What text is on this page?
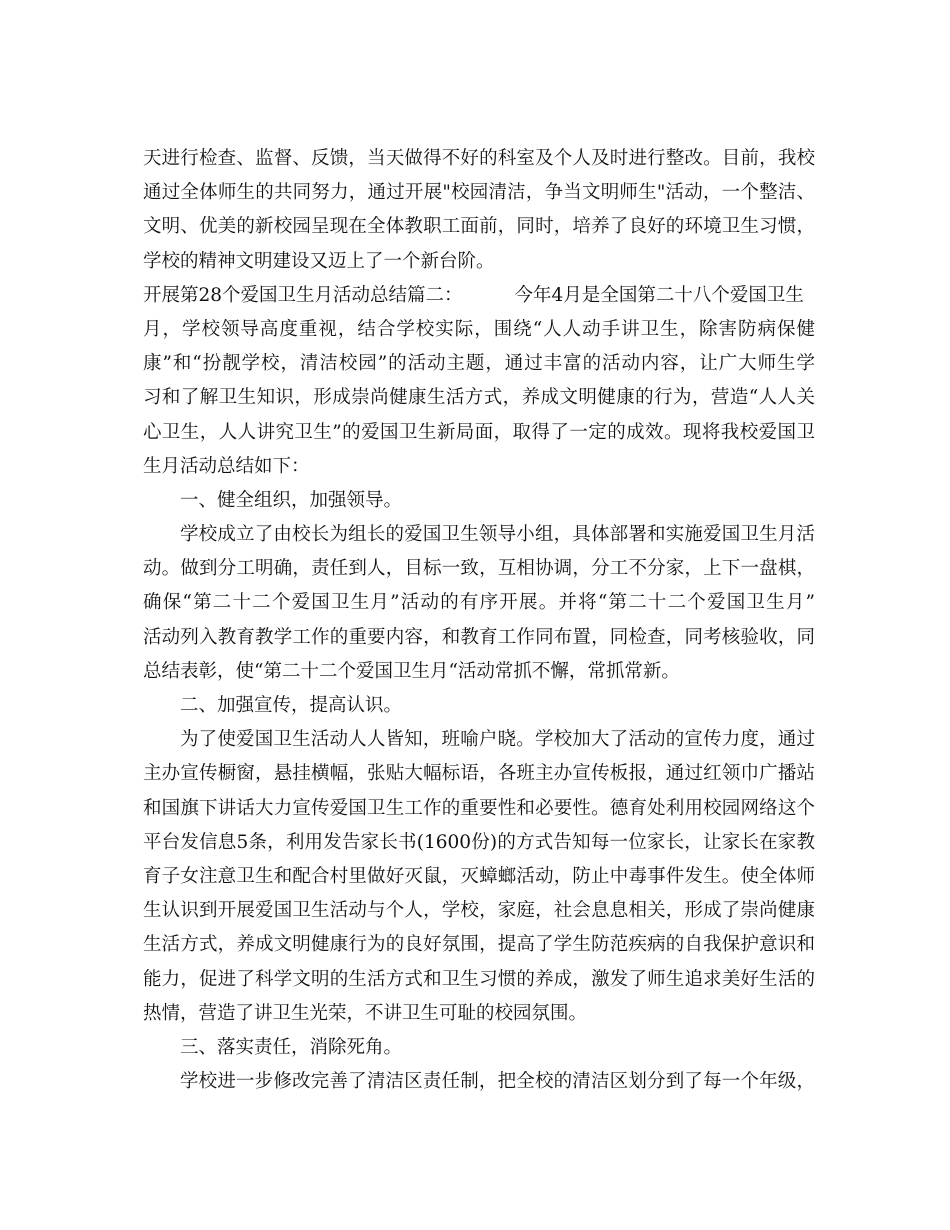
天进行检查、监督、反馈，当天做得不好的科室及个人及时进行整改。目前，我校
通过全体师生的共同努力，通过开展"校园清洁，争当文明师生"活动，一个整洁、
文明、优美的新校园呈现在全体教职工面前，同时，培养了良好的环境卫生习惯，
学校的精神文明建设又迈上了一个新台阶。
开展第28个爱国卫生月活动总结篇二：	今年4月是全国第二十八个爱国卫生
月，学校领导高度重视，结合学校实际，围绕“人人动手讲卫生，除害防病保健
康”和“扮靓学校，清洁校园”的活动主题，通过丰富的活动内容，让广大师生学
习和了解卫生知识，形成崇尚健康生活方式，养成文明健康的行为，营造“人人关
心卫生，人人讲究卫生”的爱国卫生新局面，取得了一定的成效。现将我校爱国卫
生月活动总结如下：
一、健全组织，加强领导。
学校成立了由校长为组长的爱国卫生领导小组，具体部署和实施爱国卫生月活
动。做到分工明确，责任到人，目标一致，互相协调，分工不分家，上下一盘棋，
确保“第二十二个爱国卫生月”活动的有序开展。并将“第二十二个爱国卫生月”
活动列入教育教学工作的重要内容，和教育工作同布置，同检查，同考核验收，同
总结表彰，使“第二十二个爱国卫生月“活动常抓不懈，常抓常新。
二、加强宣传，提高认识。
为了使爱国卫生活动人人皆知，班喻户晓。学校加大了活动的宣传力度，通过
主办宣传橱窗，悬挂横幅，张贴大幅标语，各班主办宣传板报，通过红领巾广播站
和国旗下讲话大力宣传爱国卫生工作的重要性和必要性。德育处利用校园网络这个
平台发信息5条，利用发告家长书(1600份)的方式告知每一位家长，让家长在家教
育子女注意卫生和配合村里做好灭鼠，灭蟑螂活动，防止中毒事件发生。使全体师
生认识到开展爱国卫生活动与个人，学校，家庭，社会息息相关，形成了崇尚健康
生活方式，养成文明健康行为的良好氛围，提高了学生防范疾病的自我保护意识和
能力，促进了科学文明的生活方式和卫生习惯的养成，激发了师生追求美好生活的
热情，营造了讲卫生光荣，不讲卫生可耻的校园氛围。
三、落实责任，消除死角。
学校进一步修改完善了清洁区责任制，把全校的清洁区划分到了每一个年级，
